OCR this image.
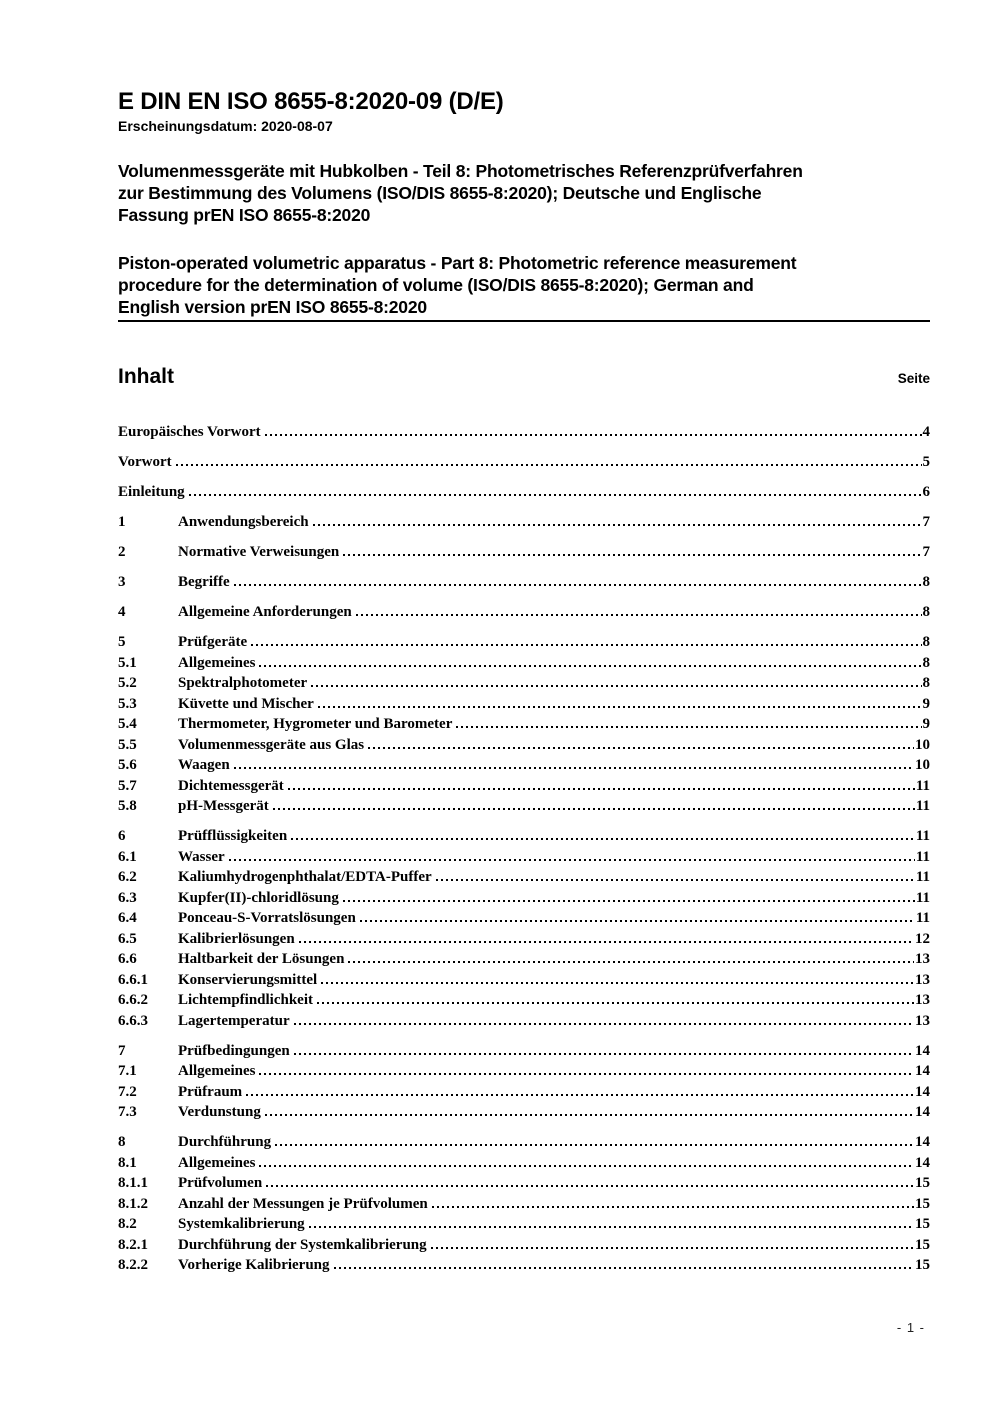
E DIN EN ISO 8655-8:2020-09 (D/E)
Erscheinungsdatum: 2020-08-07
Volumenmessgeräte mit Hubkolben - Teil 8: Photometrisches Referenzprüfverfahren
zur Bestimmung des Volumens (ISO/DIS 8655-8:2020); Deutsche und Englische
Fassung prEN ISO 8655-8:2020
Piston-operated volumetric apparatus - Part 8: Photometric reference measurement
procedure for the determination of volume (ISO/DIS 8655-8:2020); German and
English version prEN ISO 8655-8:2020
Inhalt	Seite
Europäisches Vorwort	4
Vorwort	5
Einleitung	6
1	Anwendungsbereich	7
2	Normative Verweisungen	7
3	Begriffe	8
4	Allgemeine Anforderungen	8
5	Prüfgeräte	8
5.1	Allgemeines	8
5.2	Spektralphotometer	8
5.3	Küvette und Mischer	9
5.4	Thermometer, Hygrometer und Barometer	9
5.5	Volumenmessgeräte aus Glas	10
5.6	Waagen	10
5.7	Dichtemessgerät	11
5.8	pH-Messgerät	11
6	Prüfflüssigkeiten	11
6.1	Wasser	11
6.2	Kaliumhydrogenphthalat/EDTA-Puffer	11
6.3	Kupfer(II)-chloridlösung	11
6.4	Ponceau-S-Vorratslösungen	11
6.5	Kalibrierlösungen	12
6.6	Haltbarkeit der Lösungen	13
6.6.1	Konservierungsmittel	13
6.6.2	Lichtempfindlichkeit	13
6.6.3	Lagertemperatur	13
7	Prüfbedingungen	14
7.1	Allgemeines	14
7.2	Prüfraum	14
7.3	Verdunstung	14
8	Durchführung	14
8.1	Allgemeines	14
8.1.1	Prüfvolumen	15
8.1.2	Anzahl der Messungen je Prüfvolumen	15
8.2	Systemkalibrierung	15
8.2.1	Durchführung der Systemkalibrierung	15
8.2.2	Vorherige Kalibrierung	15
- 1 -
